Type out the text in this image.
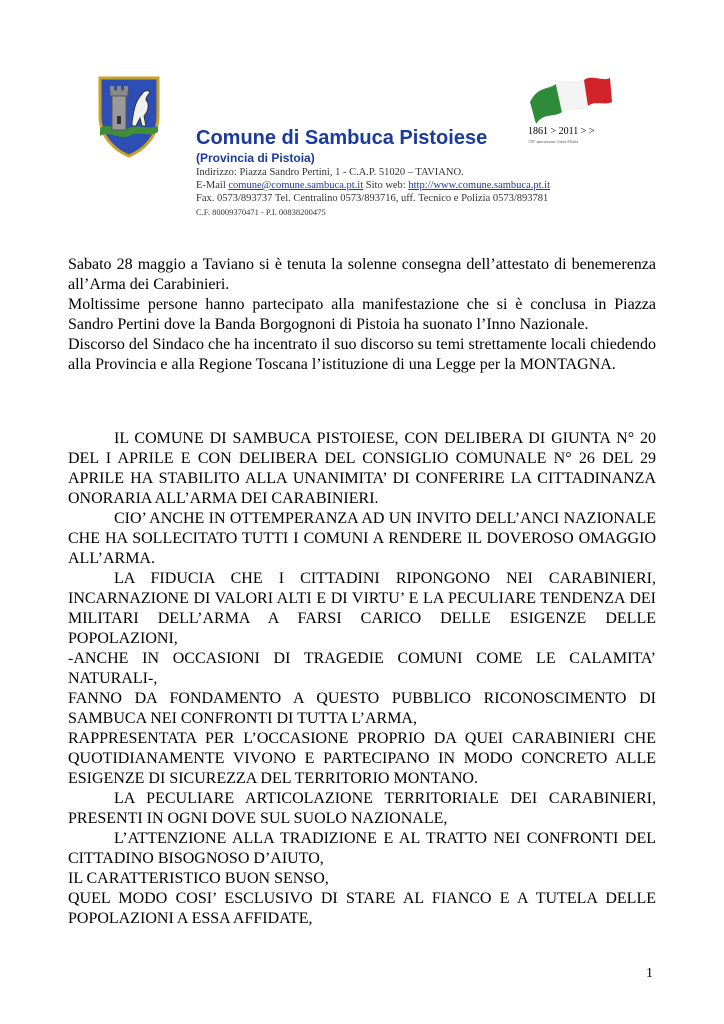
1861 > 2011 > >
150° anniversario Unità d'Italia
Comune di Sambuca Pistoiese
(Provincia di Pistoia)
Indirizzo: Piazza Sandro Pertini, 1 - C.A.P. 51020 – TAVIANO.
E-Mail comune@comune.sambuca.pt.it Sito web: http://www.comune.sambuca.pt.it
Fax. 0573/893737 Tel. Centralino 0573/893716, uff. Tecnico e Polizia 0573/893781
C.F. 80009370471 - P.I. 00838200475

Sabato 28 maggio a Taviano si è tenuta la solenne consegna dell’attestato di benemerenza all’Arma dei Carabinieri.

Moltissime persone hanno partecipato alla manifestazione che si è conclusa in Piazza Sandro Pertini dove la Banda Borgognoni di Pistoia ha suonato l’Inno Nazionale.

Discorso del Sindaco che ha incentrato il suo discorso su temi strettamente locali chiedendo alla Provincia e alla Regione Toscana l’istituzione di una Legge per la MONTAGNA.

IL COMUNE DI SAMBUCA PISTOIESE, CON DELIBERA DI GIUNTA N° 20 DEL I APRILE E CON DELIBERA DEL CONSIGLIO COMUNALE N° 26 DEL 29 APRILE HA STABILITO ALLA UNANIMITA’ DI CONFERIRE LA CITTADINANZA ONORARIA ALL’ARMA DEI CARABINIERI.

CIO’ ANCHE IN OTTEMPERANZA AD UN INVITO DELL’ANCI NAZIONALE CHE HA SOLLECITATO TUTTI I COMUNI A RENDERE IL DOVEROSO OMAGGIO ALL’ARMA.

LA FIDUCIA CHE I CITTADINI RIPONGONO NEI CARABINIERI, INCARNAZIONE DI VALORI ALTI E DI VIRTU’ E LA PECULIARE TENDENZA DEI MILITARI DELL’ARMA A FARSI CARICO DELLE ESIGENZE DELLE POPOLAZIONI,

-ANCHE IN OCCASIONI DI TRAGEDIE COMUNI COME LE CALAMITA’ NATURALI-,

FANNO DA FONDAMENTO A QUESTO PUBBLICO RICONOSCIMENTO DI SAMBUCA NEI CONFRONTI DI TUTTA L’ARMA,

RAPPRESENTATA PER L’OCCASIONE PROPRIO DA QUEI CARABINIERI CHE QUOTIDIANAMENTE VIVONO E PARTECIPANO IN MODO CONCRETO ALLE ESIGENZE DI SICUREZZA DEL TERRITORIO MONTANO.

LA PECULIARE ARTICOLAZIONE TERRITORIALE DEI CARABINIERI, PRESENTI IN OGNI DOVE SUL SUOLO NAZIONALE,

L’ATTENZIONE ALLA TRADIZIONE E AL TRATTO NEI CONFRONTI DEL CITTADINO BISOGNOSO D’AIUTO,

IL CARATTERISTICO BUON SENSO,

QUEL MODO COSI’ ESCLUSIVO DI STARE AL FIANCO E A TUTELA DELLE POPOLAZIONI A ESSA AFFIDATE,

1
